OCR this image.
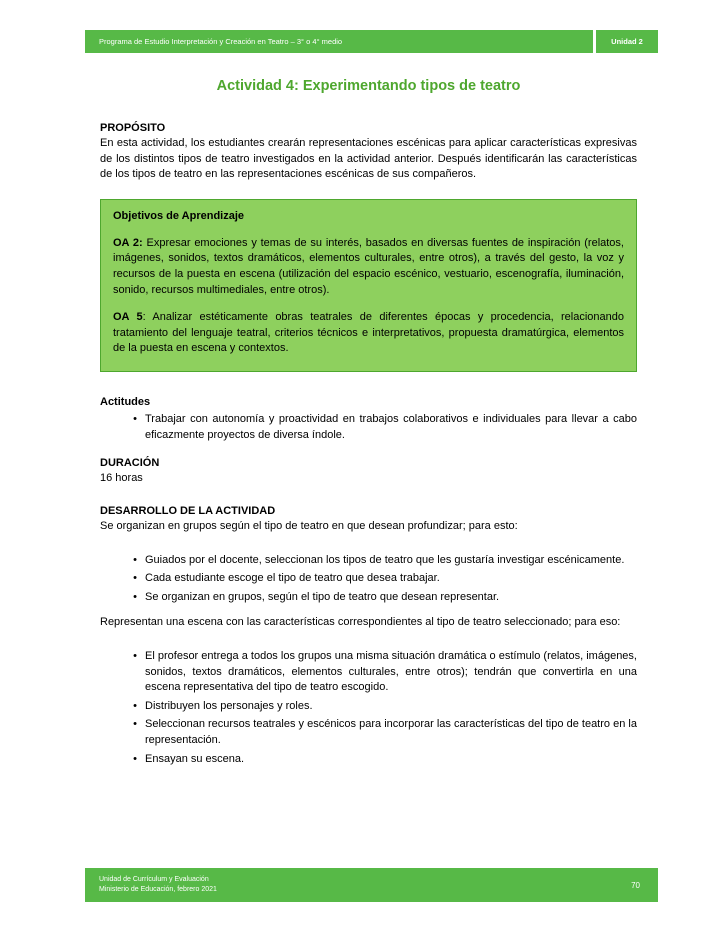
Programa de Estudio Interpretación y Creación en Teatro – 3° o 4° medio	Unidad 2
Actividad 4: Experimentando tipos de teatro
PROPÓSITO
En esta actividad, los estudiantes crearán representaciones escénicas para aplicar características expresivas de los distintos tipos de teatro investigados en la actividad anterior. Después identificarán las características de los tipos de teatro en las representaciones escénicas de sus compañeros.
Objetivos de Aprendizaje

OA 2: Expresar emociones y temas de su interés, basados en diversas fuentes de inspiración (relatos, imágenes, sonidos, textos dramáticos, elementos culturales, entre otros), a través del gesto, la voz y recursos de la puesta en escena (utilización del espacio escénico, vestuario, escenografía, iluminación, sonido, recursos multimediales, entre otros).

OA 5: Analizar estéticamente obras teatrales de diferentes épocas y procedencia, relacionando tratamiento del lenguaje teatral, criterios técnicos e interpretativos, propuesta dramatúrgica, elementos de la puesta en escena y contextos.

Actitudes
• Trabajar con autonomía y proactividad en trabajos colaborativos e individuales para llevar a cabo eficazmente proyectos de diversa índole.
DURACIÓN
16 horas
DESARROLLO DE LA ACTIVIDAD
Se organizan en grupos según el tipo de teatro en que desean profundizar; para esto:
• Guiados por el docente, seleccionan los tipos de teatro que les gustaría investigar escénicamente.
• Cada estudiante escoge el tipo de teatro que desea trabajar.
• Se organizan en grupos, según el tipo de teatro que desean representar.
Representan una escena con las características correspondientes al tipo de teatro seleccionado; para eso:
• El profesor entrega a todos los grupos una misma situación dramática o estímulo (relatos, imágenes, sonidos, textos dramáticos, elementos culturales, entre otros); tendrán que convertirla en una escena representativa del tipo de teatro escogido.
• Distribuyen los personajes y roles.
• Seleccionan recursos teatrales y escénicos para incorporar las características del tipo de teatro en la representación.
• Ensayan su escena.
Unidad de Currículum y Evaluación
Ministerio de Educación, febrero 2021	70
